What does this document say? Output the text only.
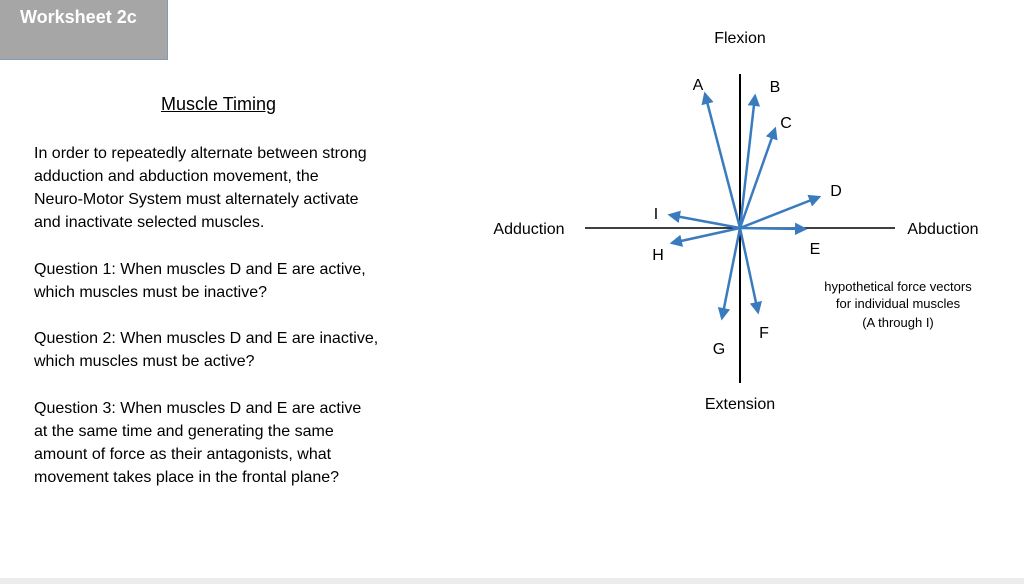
Worksheet 2c
Muscle Timing
In order to repeatedly alternate between strong
adduction and abduction movement, the
Neuro-Motor System must alternately activate
and inactivate selected muscles.
Question 1: When muscles D and E are active,
which muscles must be inactive?
Question 2: When muscles D and E are inactive,
which muscles must be active?
Question 3: When muscles D and E are active
at the same time and generating the same
amount of force as their antagonists, what
movement takes place in the frontal plane?
Flexion
Extension
Adduction	Abduction
A	B
C
D
E
F
G
H
I
hypothetical force vectors
for individual muscles
(A through I)
